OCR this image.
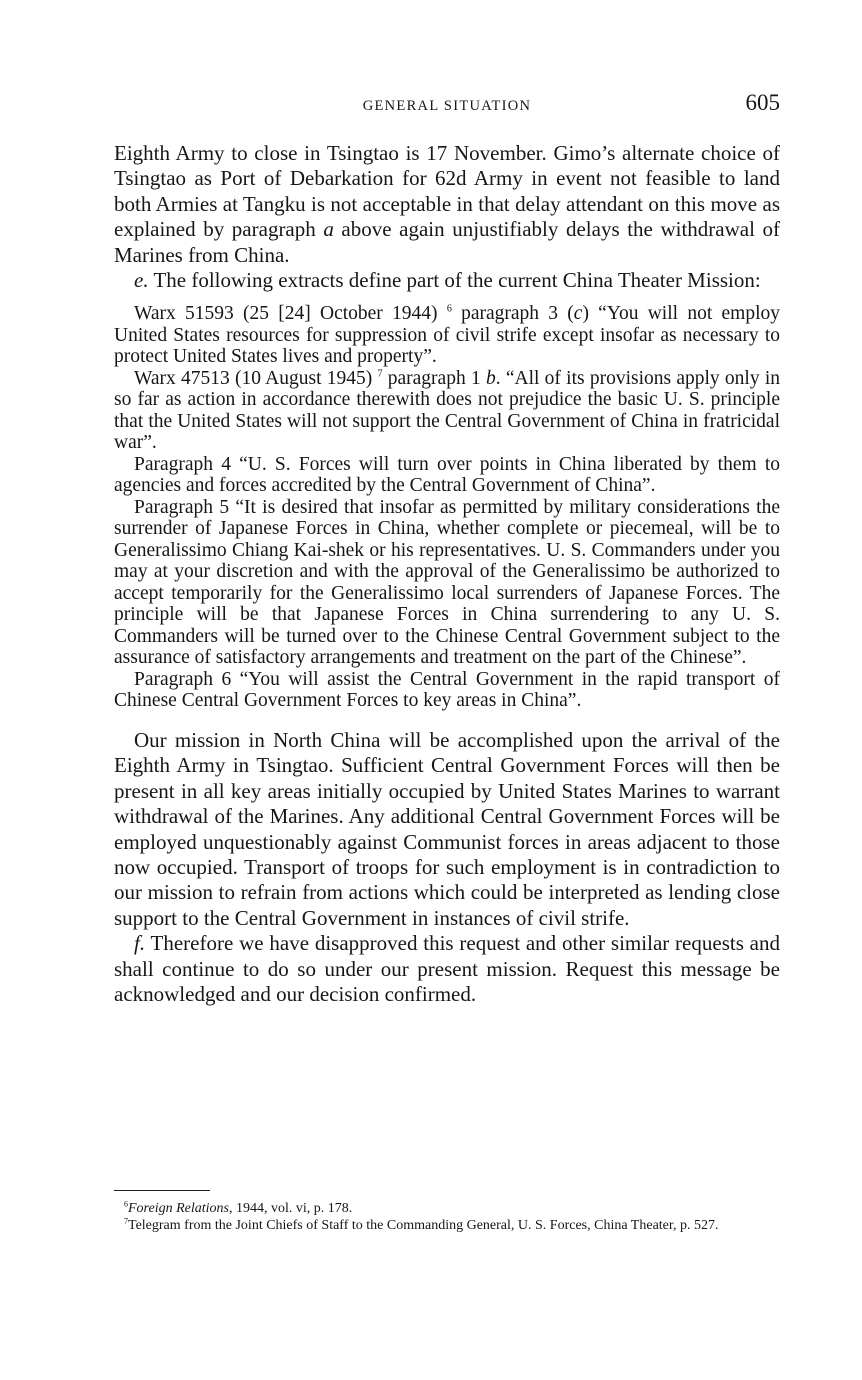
GENERAL SITUATION	605

Eighth Army to close in Tsingtao is 17 November. Gimo’s alternate choice of Tsingtao as Port of Debarkation for 62d Army in event not feasible to land both Armies at Tangku is not acceptable in that delay attendant on this move as explained by paragraph a above again unjustifiably delays the withdrawal of Marines from China.

e. The following extracts define part of the current China Theater Mission:

Warx 51593 (25 [24] October 1944) $^6$ paragraph 3 (c) “You will not employ United States resources for suppression of civil strife except insofar as necessary to protect United States lives and property”.

Warx 47513 (10 August 1945) $^7$ paragraph 1 b. “All of its provisions apply only in so far as action in accordance therewith does not prejudice the basic U. S. principle that the United States will not support the Central Government of China in fratricidal war”.

Paragraph 4 “U. S. Forces will turn over points in China liberated by them to agencies and forces accredited by the Central Government of China”.

Paragraph 5 “It is desired that insofar as permitted by military considerations the surrender of Japanese Forces in China, whether complete or piecemeal, will be to Generalissimo Chiang Kai-shek or his representatives. U. S. Commanders under you may at your discretion and with the approval of the Generalissimo be authorized to accept temporarily for the Generalissimo local surrenders of Japanese Forces. The principle will be that Japanese Forces in China surrendering to any U. S. Commanders will be turned over to the Chinese Central Government subject to the assurance of satisfactory arrangements and treatment on the part of the Chinese”.

Paragraph 6 “You will assist the Central Government in the rapid transport of Chinese Central Government Forces to key areas in China”.

Our mission in North China will be accomplished upon the arrival of the Eighth Army in Tsingtao. Sufficient Central Government Forces will then be present in all key areas initially occupied by United States Marines to warrant withdrawal of the Marines. Any additional Central Government Forces will be employed unquestionably against Communist forces in areas adjacent to those now occupied. Transport of troops for such employment is in contradiction to our mission to refrain from actions which could be interpreted as lending close support to the Central Government in instances of civil strife.

f. Therefore we have disapproved this request and other similar requests and shall continue to do so under our present mission. Request this message be acknowledged and our decision confirmed.

$^6$Foreign Relations, 1944, vol. vi, p. 178.

$^7$Telegram from the Joint Chiefs of Staff to the Commanding General, U. S. Forces, China Theater, p. 527.
